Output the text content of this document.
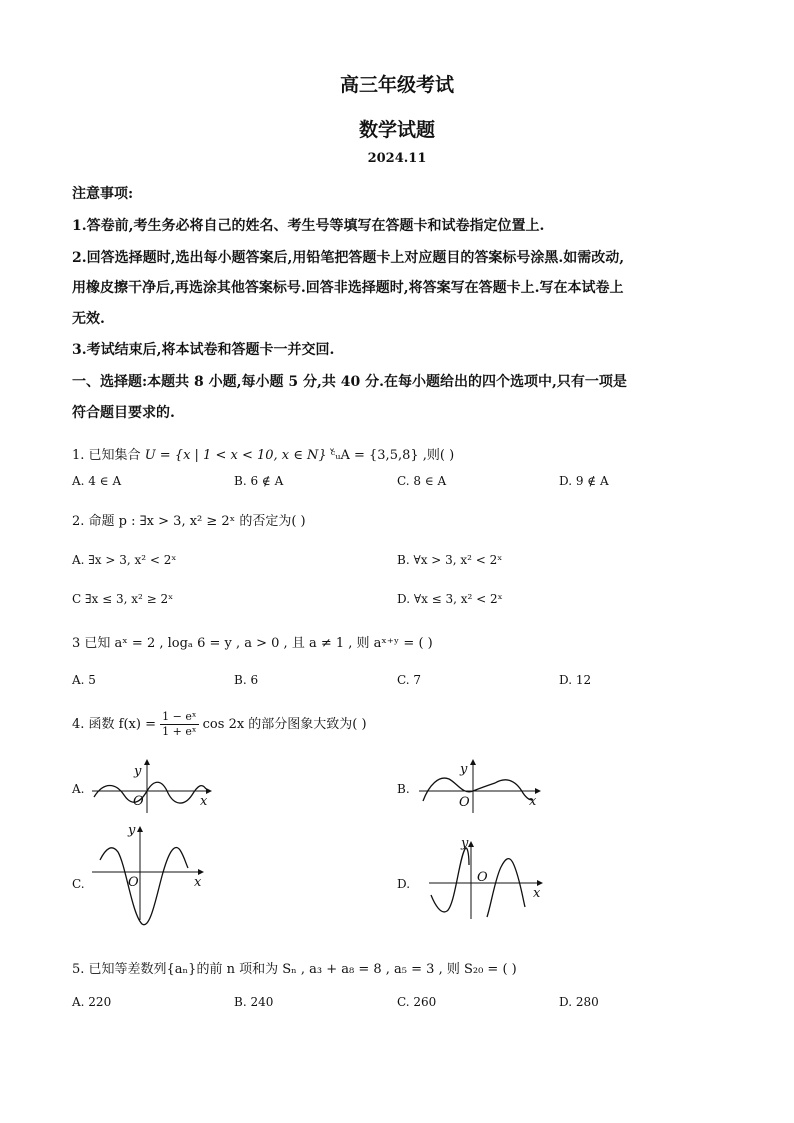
高三年级考试
数学试题
2024.11
注意事项:
1.答卷前,考生务必将自己的姓名、考生号等填写在答题卡和试卷指定位置上.
2.回答选择题时,选出每小题答案后,用铅笔把答题卡上对应题目的答案标号涂黑.如需改动,
用橡皮擦干净后,再选涂其他答案标号.回答非选择题时,将答案写在答题卡上.写在本试卷上
无效.
3.考试结束后,将本试卷和答题卡一并交回.
一、选择题:本题共 8 小题,每小题 5 分,共 40 分.在每小题给出的四个选项中,只有一项是
符合题目要求的.
1. 已知集合 U = {x | 1 < x < 10, x ∈ N} ᶜ̌ᵤA = {3,5,8} ,则( )
A. 4 ∈ A	B. 6 ∉ A	C. 8 ∈ A	D. 9 ∉ A
2. 命题 p : ∃x > 3, x² ≥ 2ˣ 的否定为( )
A. ∃x > 3, x² < 2ˣ	B. ∀x > 3, x² < 2ˣ
C ∃x ≤ 3, x² ≥ 2ˣ	D. ∀x ≤ 3, x² < 2ˣ
3 已知 aˣ = 2 , logₐ 6 = y , a > 0 , 且 a ≠ 1 , 则 aˣ⁺ʸ = ( )
A. 5	B. 6	C. 7	D. 12
4. 函数 $f(x) = \frac{\text{1 − eˣ}}{\text{1 + eˣ}}$ cos 2x 的部分图象大致为( )
A.	B.
C.	D.
y
O	x
y
O	x
y
O	x
y
O
x
5. 已知等差数列{aₙ}的前 n 项和为 Sₙ , a₃ + a₈ = 8 , a₅ = 3 , 则 S₂₀ = ( )
A. 220	B. 240	C. 260	D. 280
